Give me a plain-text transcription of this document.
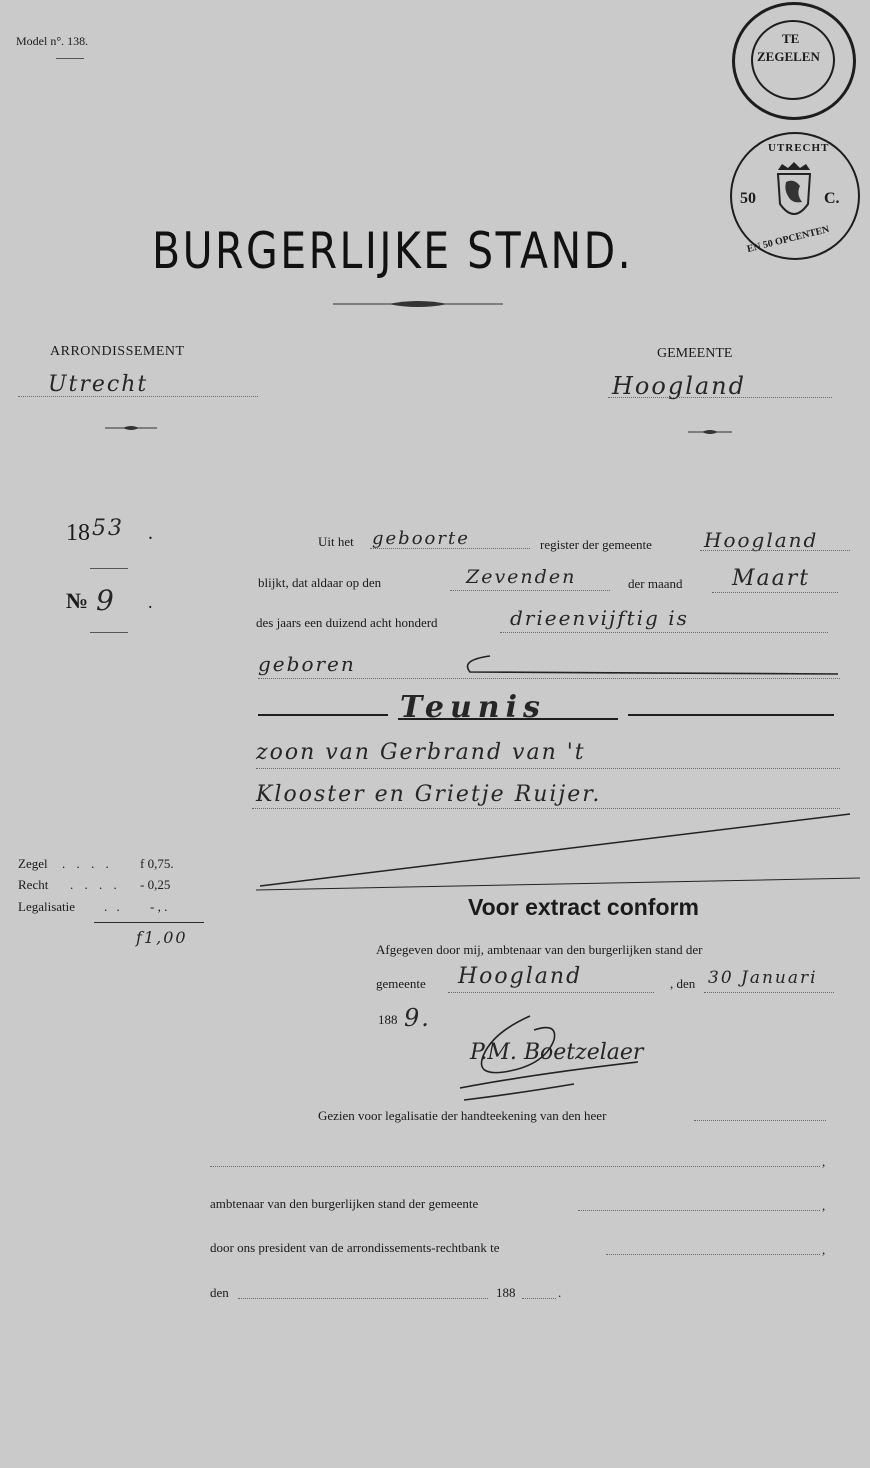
Model n°. 138.
BURGERLIJKE STAND.
TE
ZEGELEN
UTRECHT
50	C.
EN 50 OPCENTEN
ARRONDISSEMENT
Utrecht
GEMEENTE
Hoogland
18 53 .
№ 9 .
Uit het geboorte	register der gemeente	Hoogland
blijkt, dat aldaar op den	Zevenden	der maand Maart
des jaars een duizend acht honderd	drieenvijftig is
geboren
Teunis
zoon van Gerbrand van 't
Klooster en Grietje Ruijer.
Zegel . . . . f 0,75.
Recht . . . . - 0,25
Legalisatie . . - , .
f1,00
Voor extract conform
Afgegeven door mij, ambtenaar van den burgerlijken stand der
gemeente Hoogland	, den 30 Januari
188 9.
P.M. Boetzelaer
Gezien voor legalisatie der handteekening van den heer
,
ambtenaar van den burgerlijken stand der gemeente	,
door ons president van de arrondissements-rechtbank te	,
den	188	.
